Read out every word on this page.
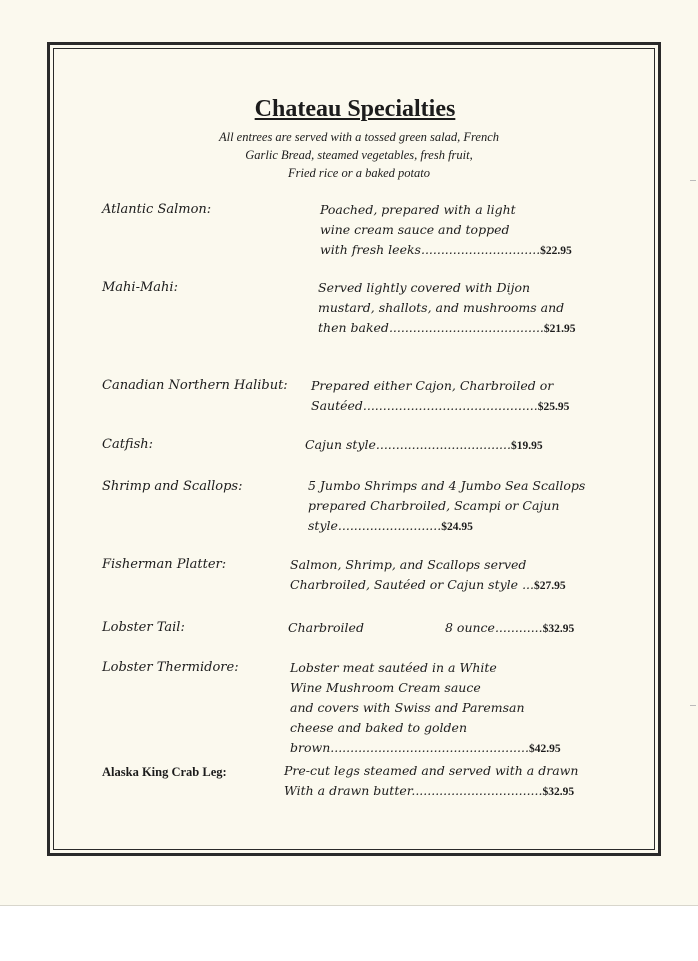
Chateau Specialties
All entrees are served with a tossed green salad, French
Garlic Bread, steamed vegetables, fresh fruit,
Fried rice or a baked potato
Atlantic Salmon:	Poached, prepared with a light
wine cream sauce and topped
with fresh leeks..............................$22.95
Mahi-Mahi:	Served lightly covered with Dijon
mustard, shallots, and mushrooms and
then baked.......................................$21.95
Canadian Northern Halibut: Prepared either Cajon, Charbroiled or
Sautéed............................................$25.95
Catfish:	Cajun style..................................$19.95
Shrimp and Scallops:	5 Jumbo Shrimps and 4 Jumbo Sea Scallops
prepared Charbroiled, Scampi or Cajun
style..........................$24.95
Fisherman Platter:	Salmon, Shrimp, and Scallops served
Charbroiled, Sautéed or Cajun style ...$27.95
Lobster Tail:	Charbroiled	8 ounce............$32.95
Lobster Thermidore:	Lobster meat sautéed in a White
Wine Mushroom Cream sauce
and covers with Swiss and Paremsan
cheese and baked to golden
brown..................................................$42.95
Alaska King Crab Leg:	Pre-cut legs steamed and served with a drawn
With a drawn butter.................................$32.95
